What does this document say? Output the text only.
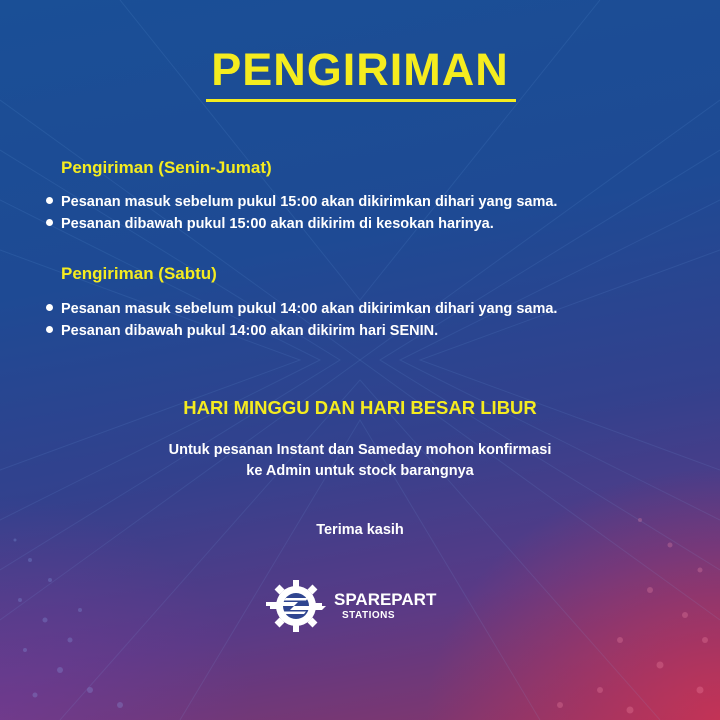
PENGIRIMAN
Pengiriman (Senin-Jumat)
Pesanan masuk sebelum pukul 15:00 akan dikirimkan dihari yang sama.
Pesanan dibawah pukul 15:00 akan dikirim di kesokan harinya.
Pengiriman (Sabtu)
Pesanan masuk sebelum pukul 14:00 akan dikirimkan dihari yang sama.
Pesanan dibawah pukul 14:00 akan dikirim hari SENIN.
HARI MINGGU DAN HARI BESAR LIBUR
Untuk pesanan Instant dan Sameday mohon konfirmasi
ke Admin untuk stock barangnya
Terima kasih
SPAREPART
STATIONS
